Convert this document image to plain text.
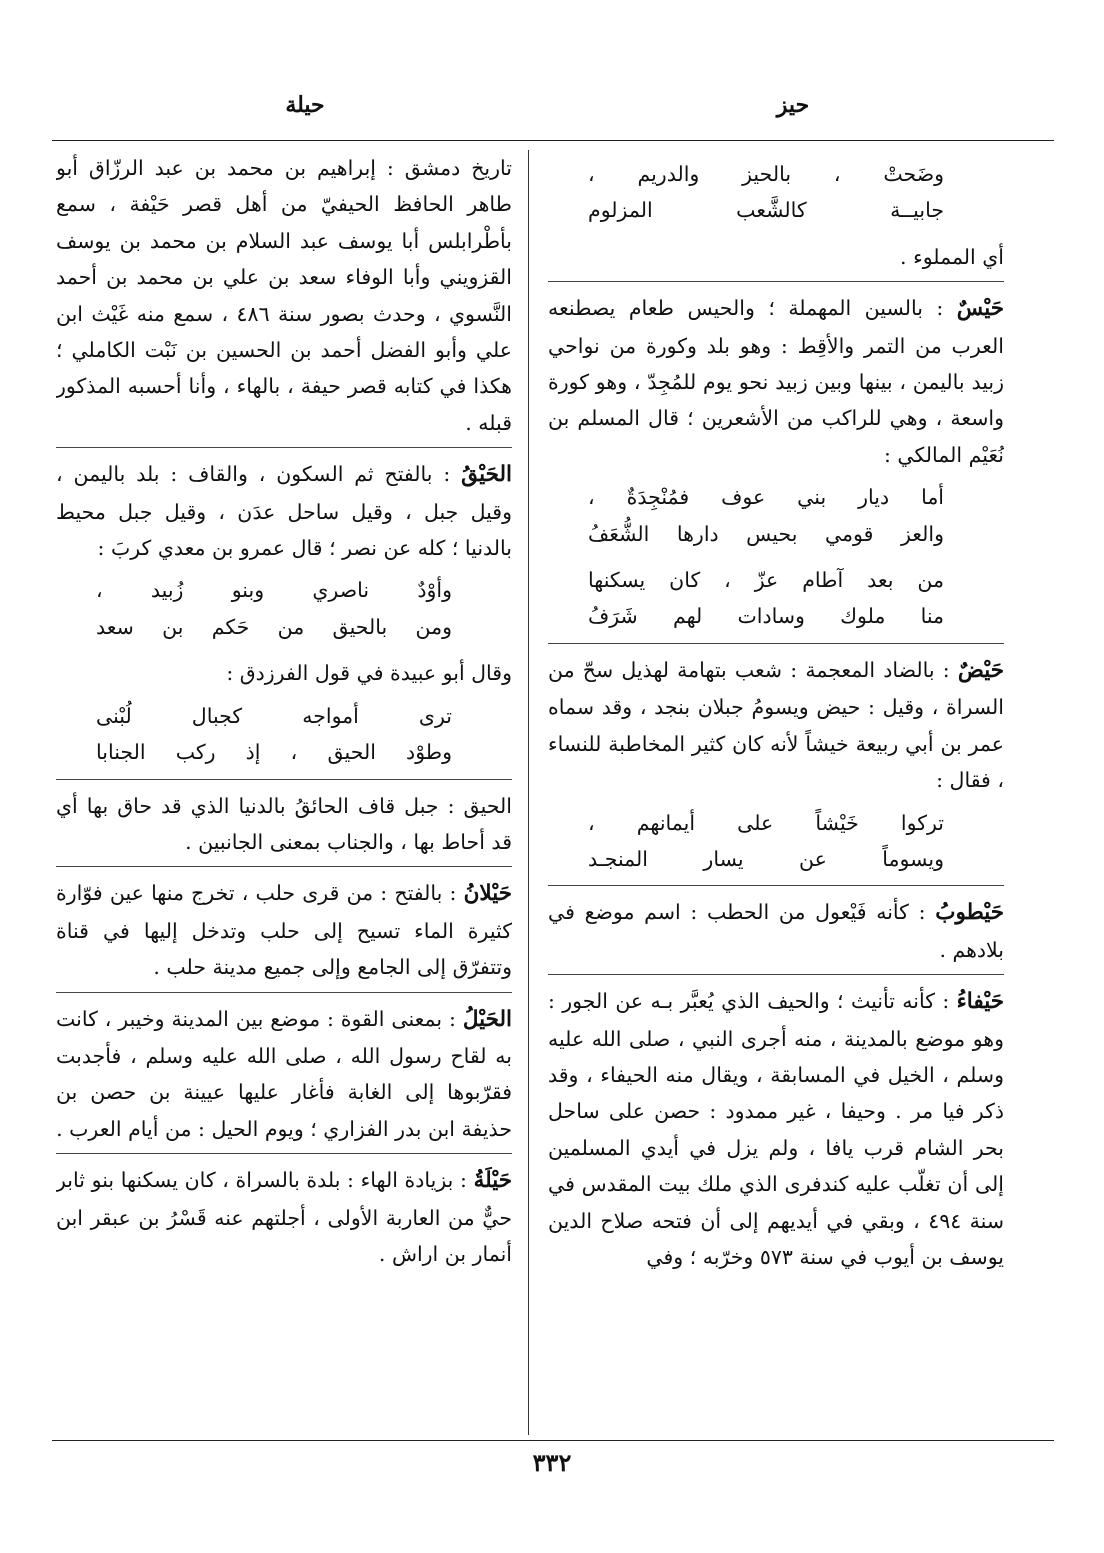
حيز
حيلة
وضَحتْ ، بالحيز والدريم ،
جابيــة كالشَّعب المزلوم

أي المملوء .

حَيْسٌ : بالسين المهملة ؛ والحيس طعام يصطنعه العرب من التمر والأقِط : وهو بلد وكورة من نواحي زبيد باليمن ، بينها وبين زبيد نحو يوم للمُجِدّ ، وهو كورة واسعة ، وهي للراكب من الأشعرين ؛ قال المسلم بن نُعَيْم المالكي :

أما ديار بني عوف فمُنْجِدَةٌ ،
والعز قومي بحيس دارها الشُّعَفُ
من بعد آطام عزّ ، كان يسكنها
منا ملوك وسادات لهم شَرَفُ

حَيْضٌ : بالضاد المعجمة : شعب بتهامة لهذيل سحّ من السراة ، وقيل : حيض ويسومُ جبلان بنجد ، وقد سماه عمر بن أبي ربيعة خيشاً لأنه كان كثير المخاطبة للنساء ، فقال :

تركوا خَيْشاً على أيمانهم ،
ويسوماً عن يسار المنجـد

حَيْطوبُ : كأنه فَيْعول من الحطب : اسم موضع في بلادهم .

حَيْفاءُ : كأنه تأنيث ؛ والحيف الذي يُعبَّر بـه عن الجور : وهو موضع بالمدينة ، منه أجرى النبي ، صلى الله عليه وسلم ، الخيل في المسابقة ، ويقال منه الحيفاء ، وقد ذكر فيا مر . وحيفا ، غير ممدود : حصن على ساحل بحر الشام قرب يافا ، ولم يزل في أيدي المسلمين إلى أن تغلّب عليه كندفرى الذي ملك بيت المقدس في سنة ٤٩٤ ، وبقي في أيديهم إلى أن فتحه صلاح الدين يوسف بن أيوب في سنة ٥٧٣ وخرّبه ؛ وفي

تاريخ دمشق : إبراهيم بن محمد بن عبد الرزّاق أبو طاهر الحافظ الحيفيّ من أهل قصر حَيْفة ، سمع بأطْرابلس أبا يوسف عبد السلام بن محمد بن يوسف القزويني وأبا الوفاء سعد بن علي بن محمد بن أحمد النَّسوي ، وحدث بصور سنة ٤٨٦ ، سمع منه غَيْث ابن علي وأبو الفضل أحمد بن الحسين بن نَبْت الكاملي ؛ هكذا في كتابه قصر حيفة ، بالهاء ، وأنا أحسبه المذكور قبله .

الحَيْقُ : بالفتح ثم السكون ، والقاف : بلد باليمن ، وقيل جبل ، وقيل ساحل عدَن ، وقيل جبل محيط بالدنيا ؛ كله عن نصر ؛ قال عمرو بن معدي كربَ :

وأوْدٌ ناصري وبنو زُبيد ،
ومن بالحيق من حَكم بن سعد

وقال أبو عبيدة في قول الفرزدق :

ترى أمواجه كجبال لُبْنى
وطوْد الحيق ، إذ ركب الجنابا

الحيق : جبل قاف الحائقُ بالدنيا الذي قد حاق بها أي قد أحاط بها ، والجناب بمعنى الجانبين .

حَيْلانُ : بالفتح : من قرى حلب ، تخرج منها عين فوّارة كثيرة الماء تسيح إلى حلب وتدخل إليها في قناة وتتفرّق إلى الجامع وإلى جميع مدينة حلب .

الحَيْلُ : بمعنى القوة : موضع بين المدينة وخيبر ، كانت به لقاح رسول الله ، صلى الله عليه وسلم ، فأجدبت فقرّبوها إلى الغابة فأغار عليها عيينة بن حصن بن حذيفة ابن بدر الفزاري ؛ ويوم الحيل : من أيام العرب .

حَيْلَةُ : بزيادة الهاء : بلدة بالسراة ، كان يسكنها بنو ثابر حيٌّ من العاربة الأولى ، أجلتهم عنه قَسْرُ بن عبقر ابن أنمار بن اراش .

٣٣٢
